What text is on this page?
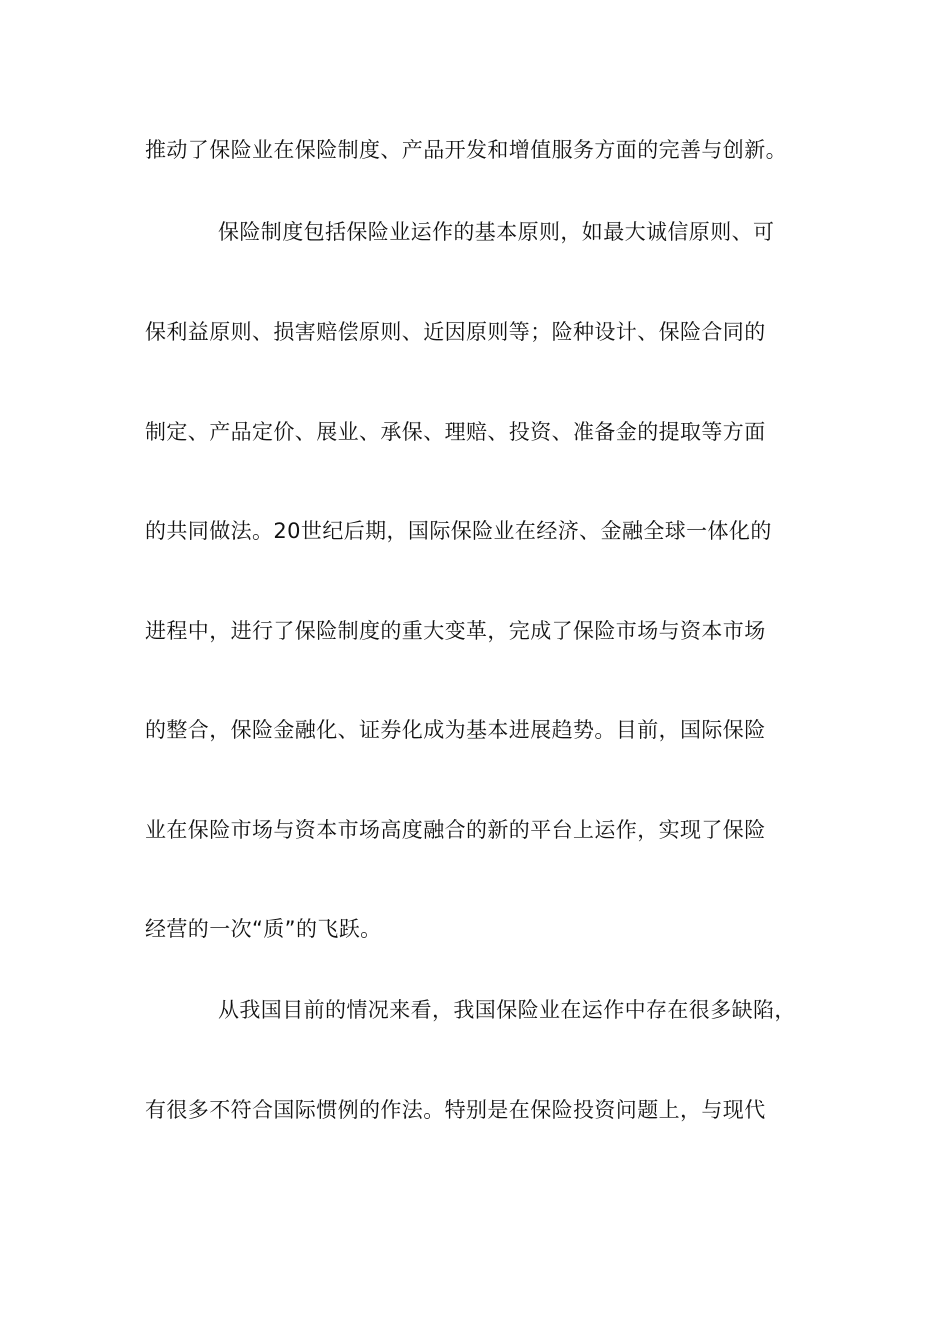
推动了保险业在保险制度、产品开发和增值服务方面的完善与创新。

保险制度包括保险业运作的基本原则，如最大诚信原则、可

保利益原则、损害赔偿原则、近因原则等；险种设计、保险合同的

制定、产品定价、展业、承保、理赔、投资、准备金的提取等方面

的共同做法。20世纪后期，国际保险业在经济、金融全球一体化的

进程中，进行了保险制度的重大变革，完成了保险市场与资本市场

的整合，保险金融化、证券化成为基本进展趋势。目前，国际保险

业在保险市场与资本市场高度融合的新的平台上运作，实现了保险

经营的一次“质”的飞跃。

从我国目前的情况来看，我国保险业在运作中存在很多缺陷，

有很多不符合国际惯例的作法。特别是在保险投资问题上，与现代
